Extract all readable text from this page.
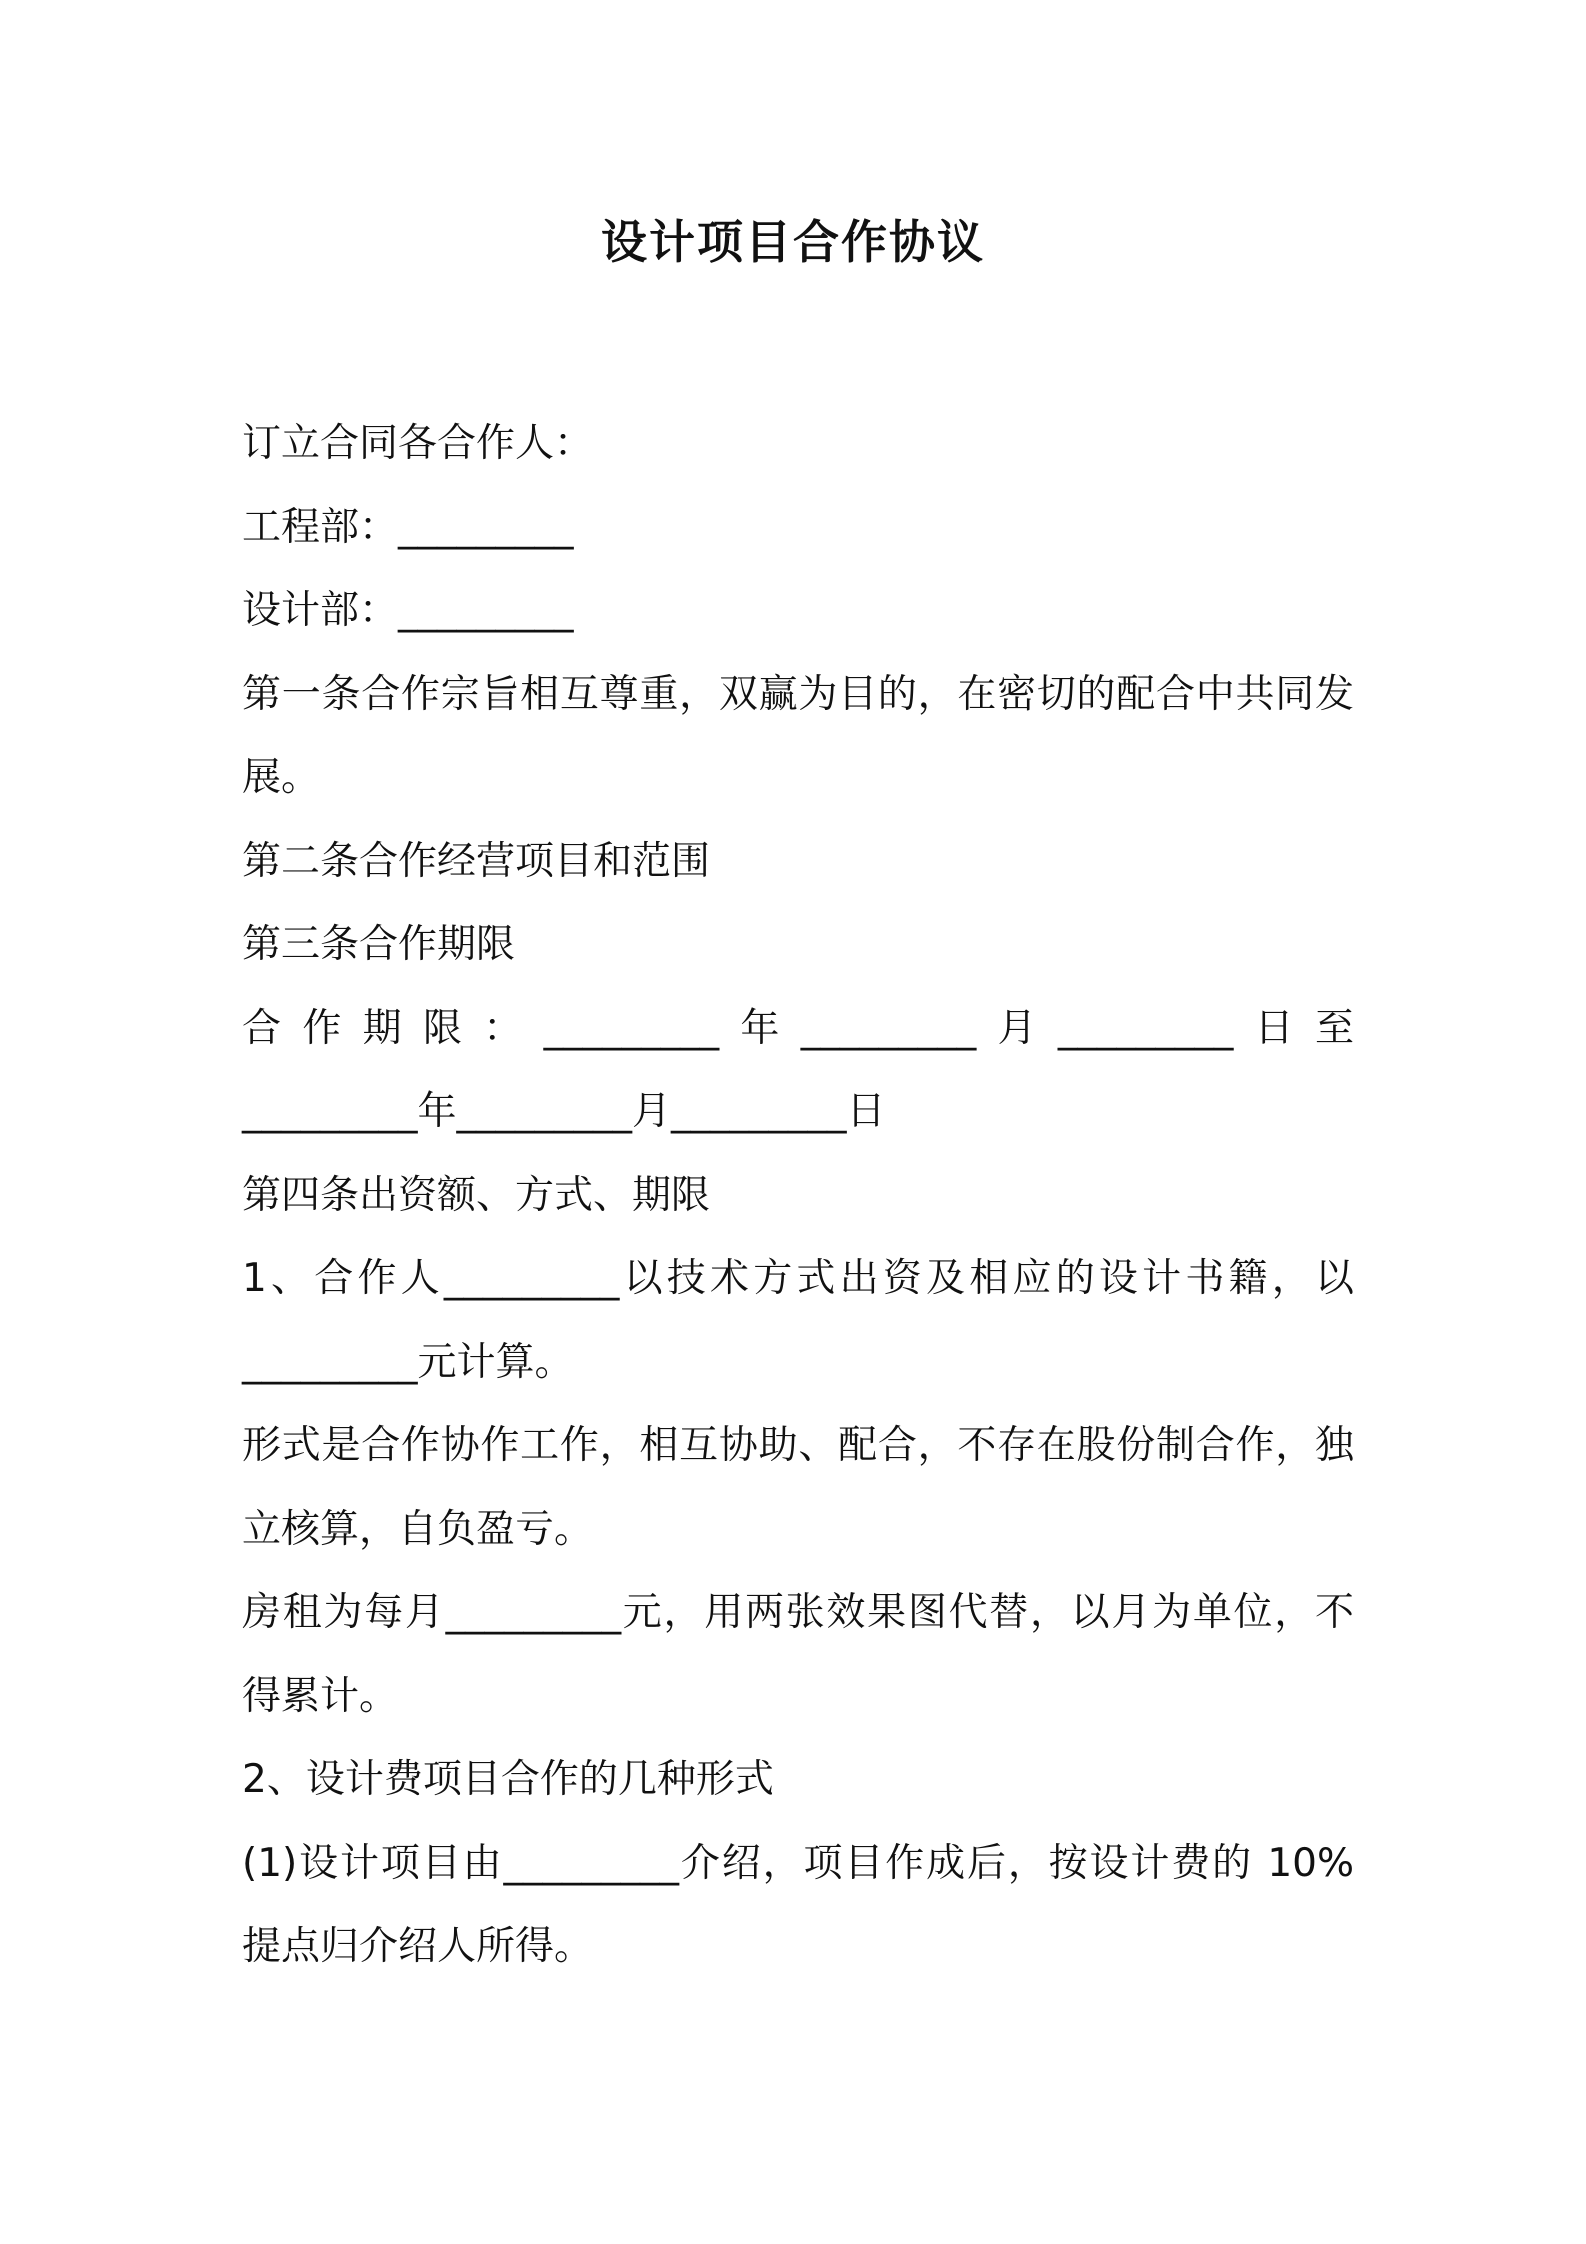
设计项目合作协议

订立合同各合作人：

工程部：_________

设计部：_________

第一条合作宗旨相互尊重，双赢为目的，在密切的配合中共同发

展。

第二条合作经营项目和范围

第三条合作期限

合作期限：_________年_________月_________日至

_________年_________月_________日

第四条出资额、方式、期限

1、合作人_________以技术方式出资及相应的设计书籍，以

_________元计算。

形式是合作协作工作，相互协助、配合，不存在股份制合作，独

立核算，自负盈亏。

房租为每月_________元，用两张效果图代替，以月为单位，不

得累计。

2、设计费项目合作的几种形式

(1)设计项目由_________介绍，项目作成后，按设计费的 10%

提点归介绍人所得。
